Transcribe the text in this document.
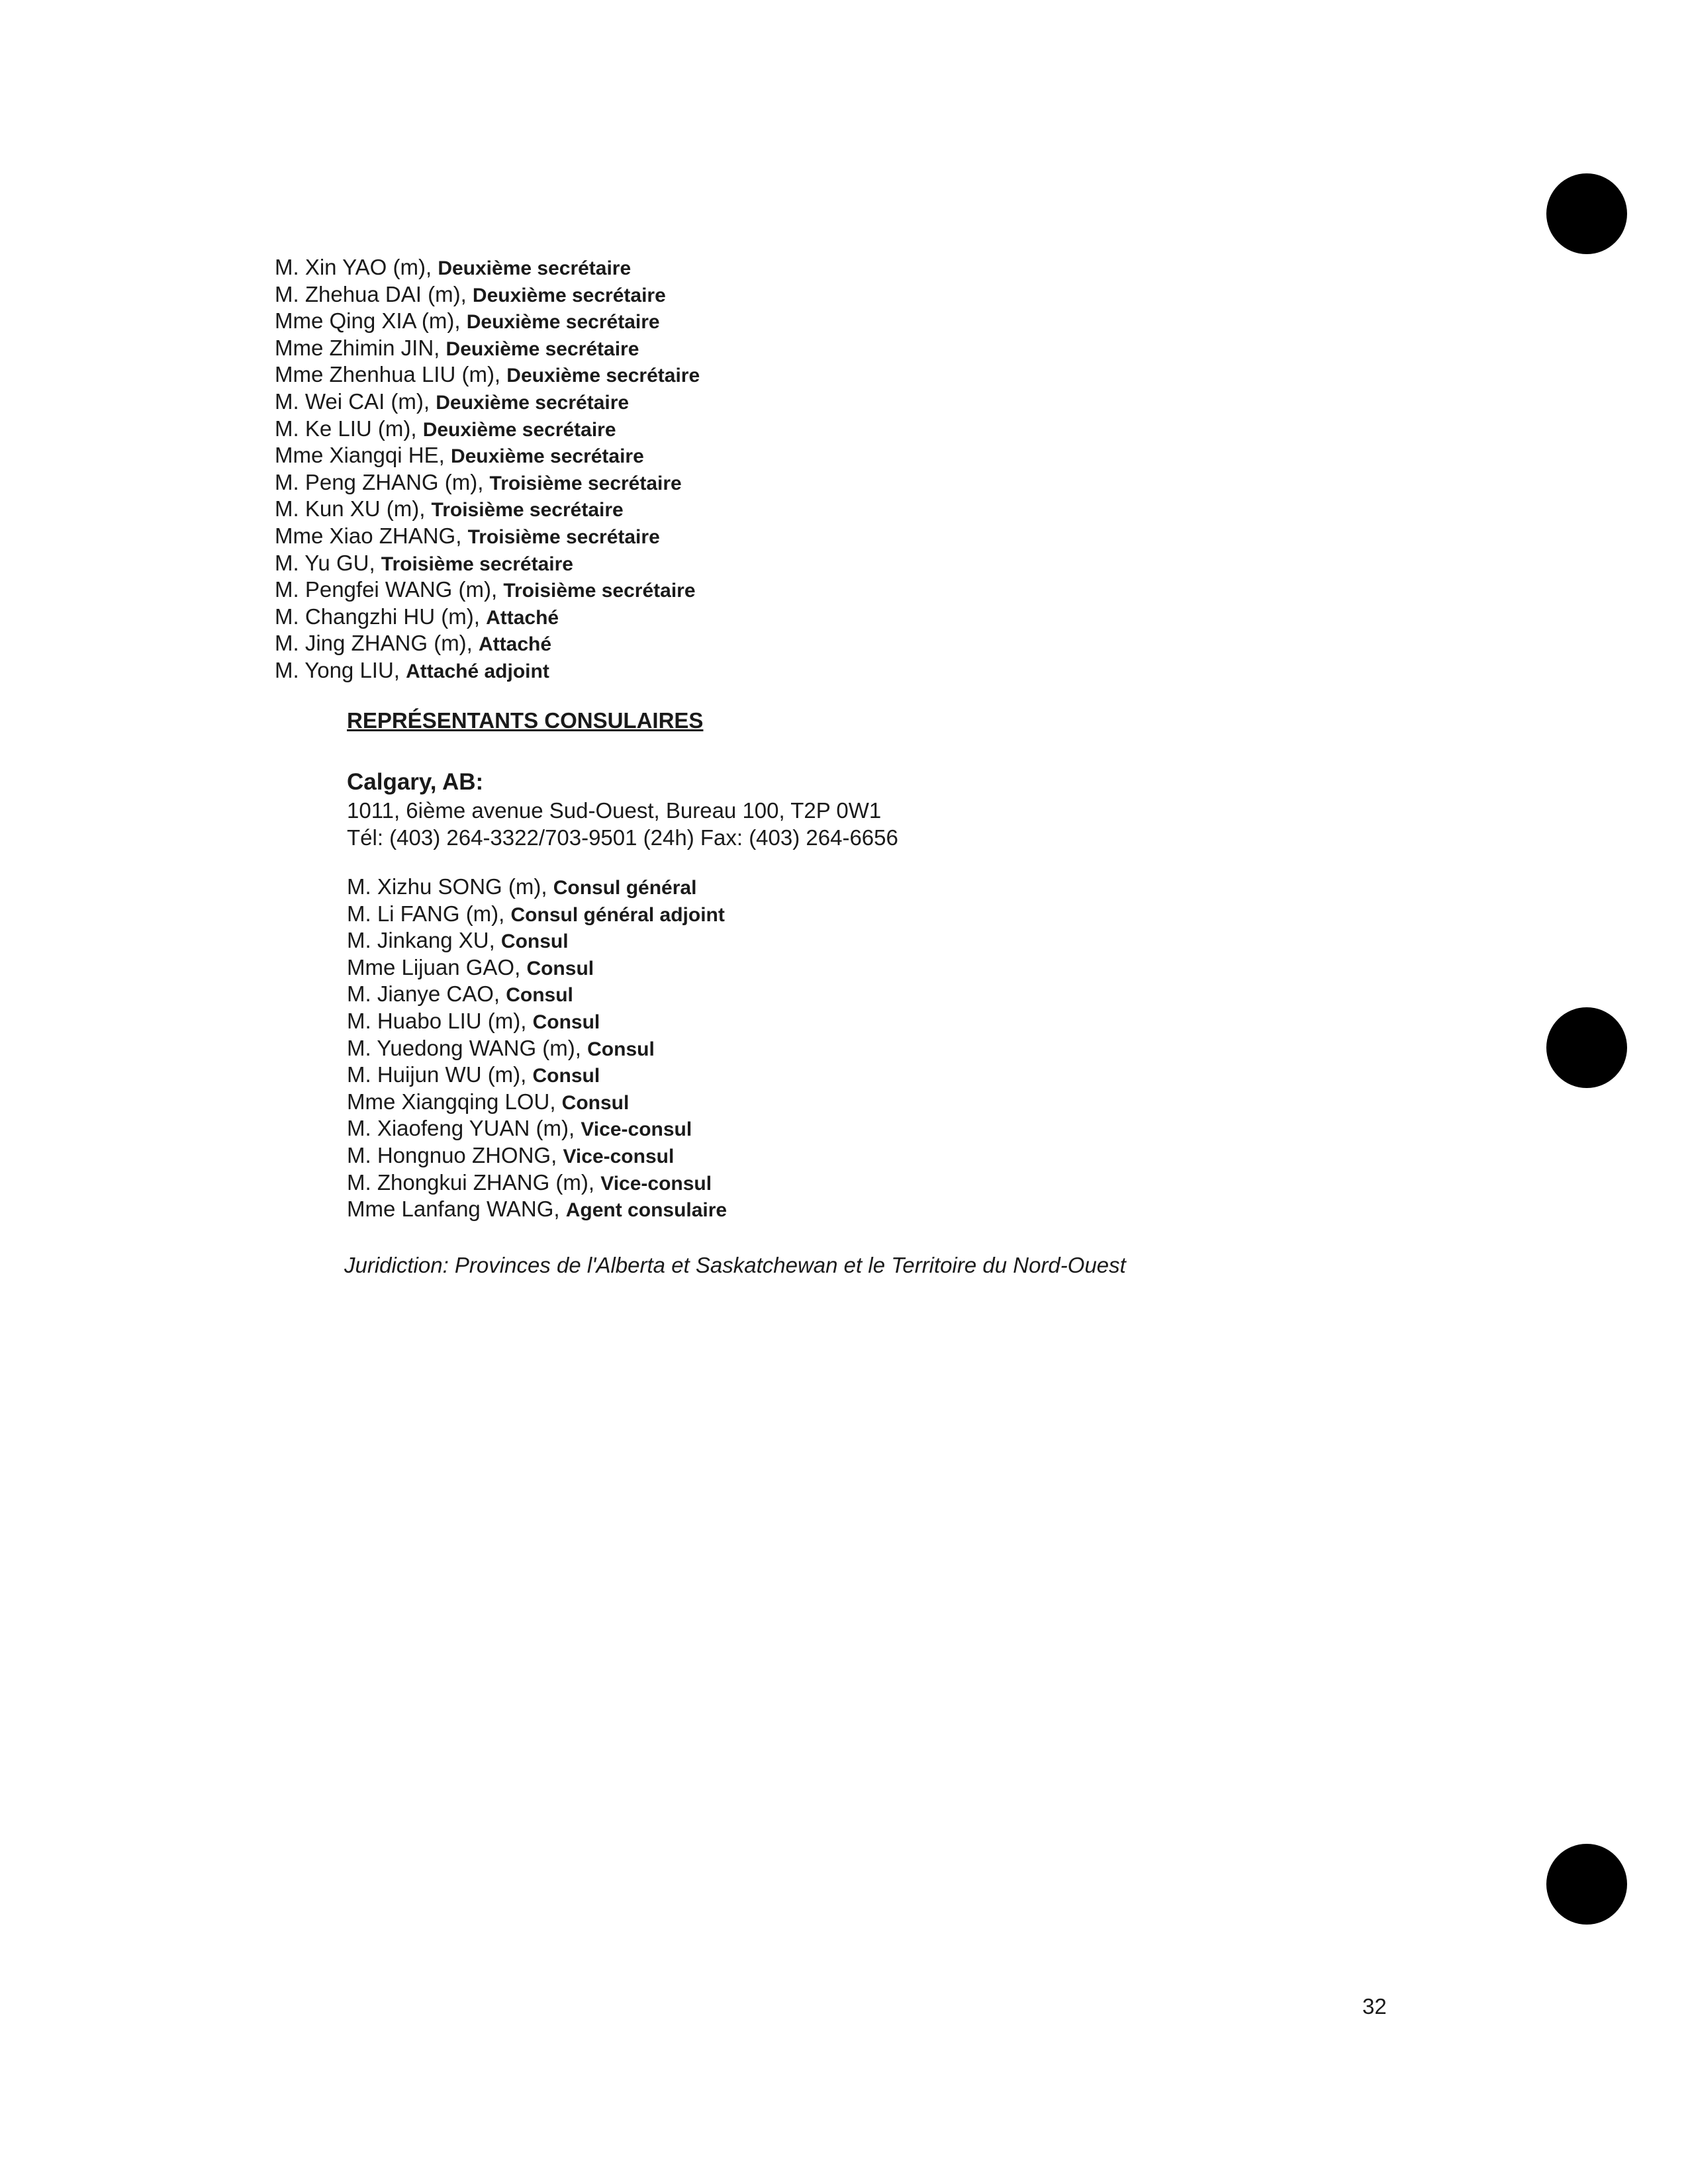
M. Xin YAO (m), Deuxième secrétaire
M. Zhehua DAI (m), Deuxième secrétaire
Mme Qing XIA (m), Deuxième secrétaire
Mme Zhimin JIN, Deuxième secrétaire
Mme Zhenhua LIU (m), Deuxième secrétaire
M. Wei CAI (m), Deuxième secrétaire
M. Ke LIU (m), Deuxième secrétaire
Mme Xiangqi HE, Deuxième secrétaire
M. Peng ZHANG (m), Troisième secrétaire
M. Kun XU (m), Troisième secrétaire
Mme Xiao ZHANG, Troisième secrétaire
M. Yu GU, Troisième secrétaire
M. Pengfei WANG (m), Troisième secrétaire
M. Changzhi HU (m), Attaché
M. Jing ZHANG (m), Attaché
M. Yong LIU, Attaché adjoint
REPRÉSENTANTS CONSULAIRES
Calgary, AB:
1011, 6ième avenue Sud-Ouest, Bureau 100, T2P 0W1
Tél: (403) 264-3322/703-9501 (24h) Fax: (403) 264-6656
M. Xizhu SONG (m), Consul général
M. Li FANG (m), Consul général adjoint
M. Jinkang XU, Consul
Mme Lijuan GAO, Consul
M. Jianye CAO, Consul
M. Huabo LIU (m), Consul
M. Yuedong WANG (m), Consul
M. Huijun WU (m), Consul
Mme Xiangqing LOU, Consul
M. Xiaofeng YUAN (m), Vice-consul
M. Hongnuo ZHONG, Vice-consul
M. Zhongkui ZHANG (m), Vice-consul
Mme Lanfang WANG, Agent consulaire
Juridiction: Provinces de l'Alberta et Saskatchewan et le Territoire du Nord-Ouest
32
